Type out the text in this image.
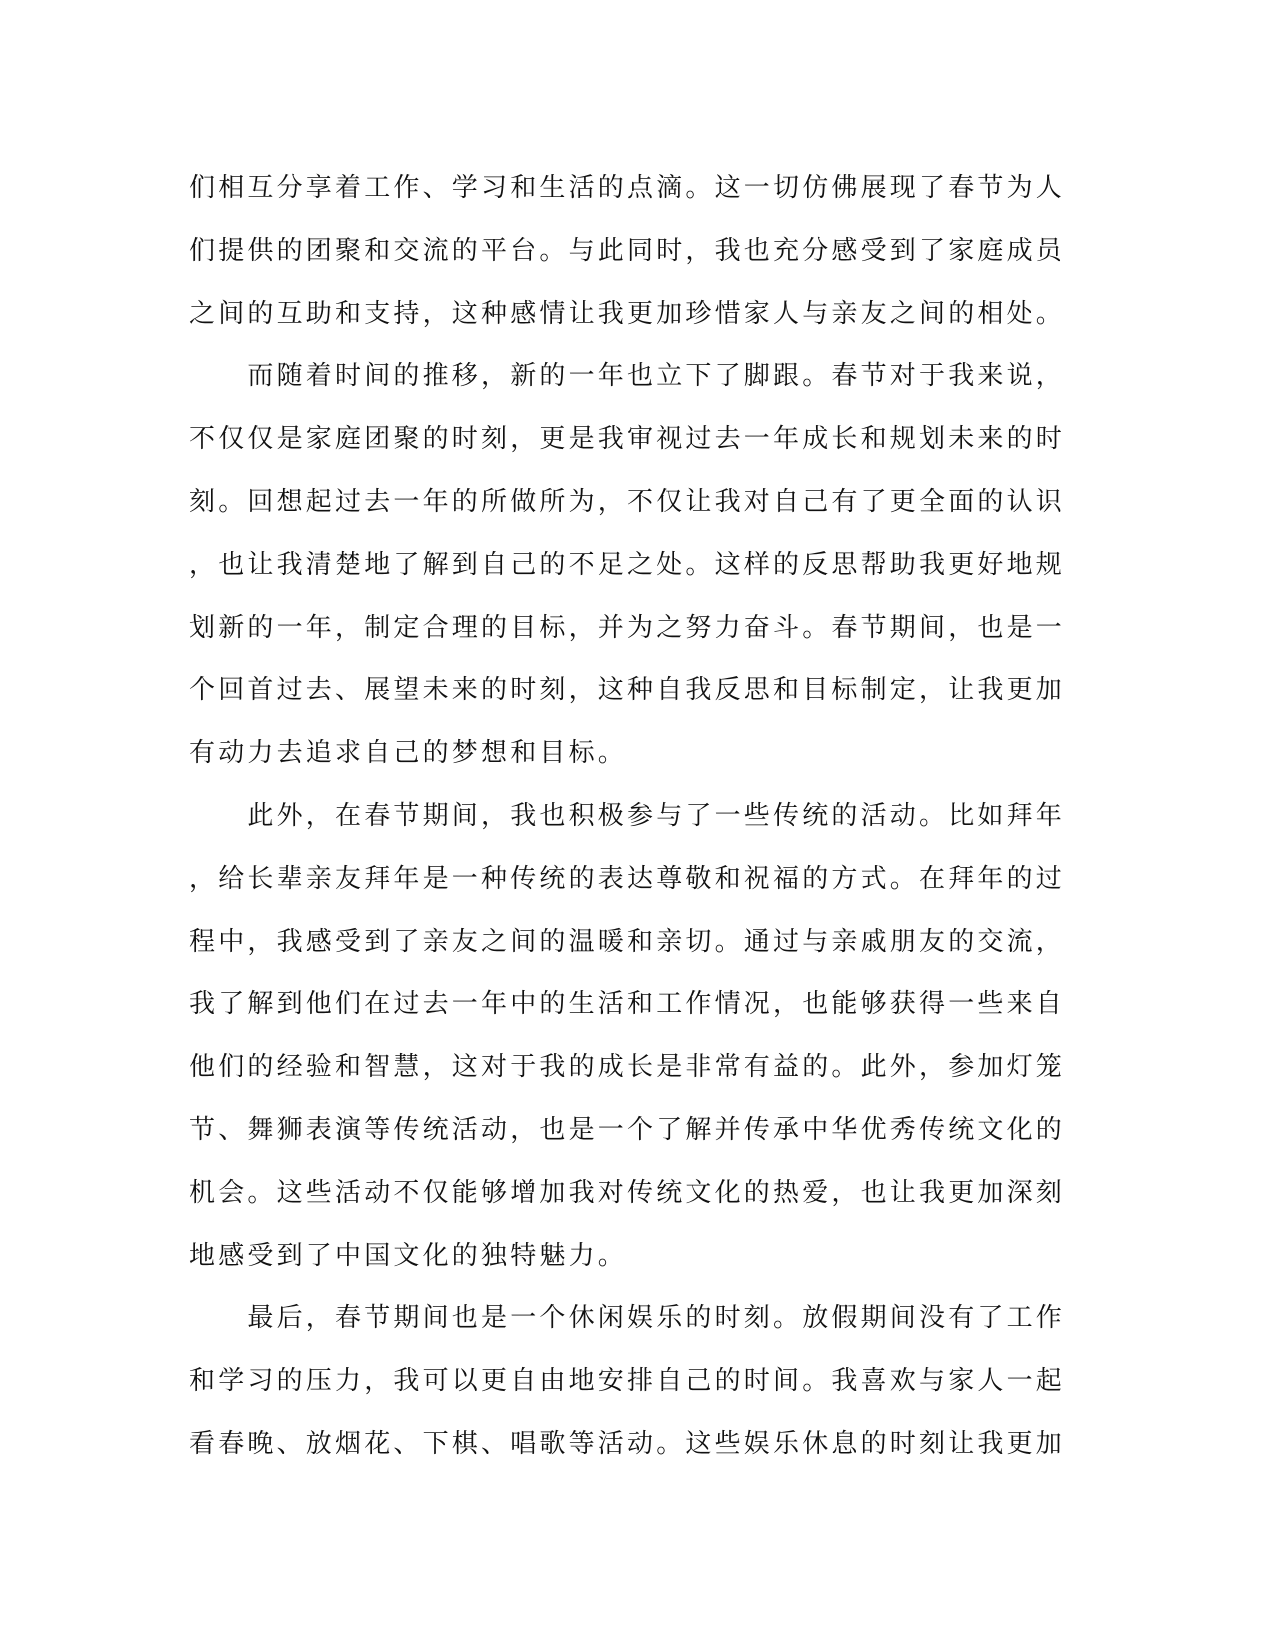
们相互分享着工作、学习和生活的点滴。这一切仿佛展现了春节为人
们提供的团聚和交流的平台。与此同时，我也充分感受到了家庭成员
之间的互助和支持，这种感情让我更加珍惜家人与亲友之间的相处。
　　而随着时间的推移，新的一年也立下了脚跟。春节对于我来说，
不仅仅是家庭团聚的时刻，更是我审视过去一年成长和规划未来的时
刻。回想起过去一年的所做所为，不仅让我对自己有了更全面的认识
，也让我清楚地了解到自己的不足之处。这样的反思帮助我更好地规
划新的一年，制定合理的目标，并为之努力奋斗。春节期间，也是一
个回首过去、展望未来的时刻，这种自我反思和目标制定，让我更加
有动力去追求自己的梦想和目标。
　　此外，在春节期间，我也积极参与了一些传统的活动。比如拜年
，给长辈亲友拜年是一种传统的表达尊敬和祝福的方式。在拜年的过
程中，我感受到了亲友之间的温暖和亲切。通过与亲戚朋友的交流，
我了解到他们在过去一年中的生活和工作情况，也能够获得一些来自
他们的经验和智慧，这对于我的成长是非常有益的。此外，参加灯笼
节、舞狮表演等传统活动，也是一个了解并传承中华优秀传统文化的
机会。这些活动不仅能够增加我对传统文化的热爱，也让我更加深刻
地感受到了中国文化的独特魅力。
　　最后，春节期间也是一个休闲娱乐的时刻。放假期间没有了工作
和学习的压力，我可以更自由地安排自己的时间。我喜欢与家人一起
看春晚、放烟花、下棋、唱歌等活动。这些娱乐休息的时刻让我更加
